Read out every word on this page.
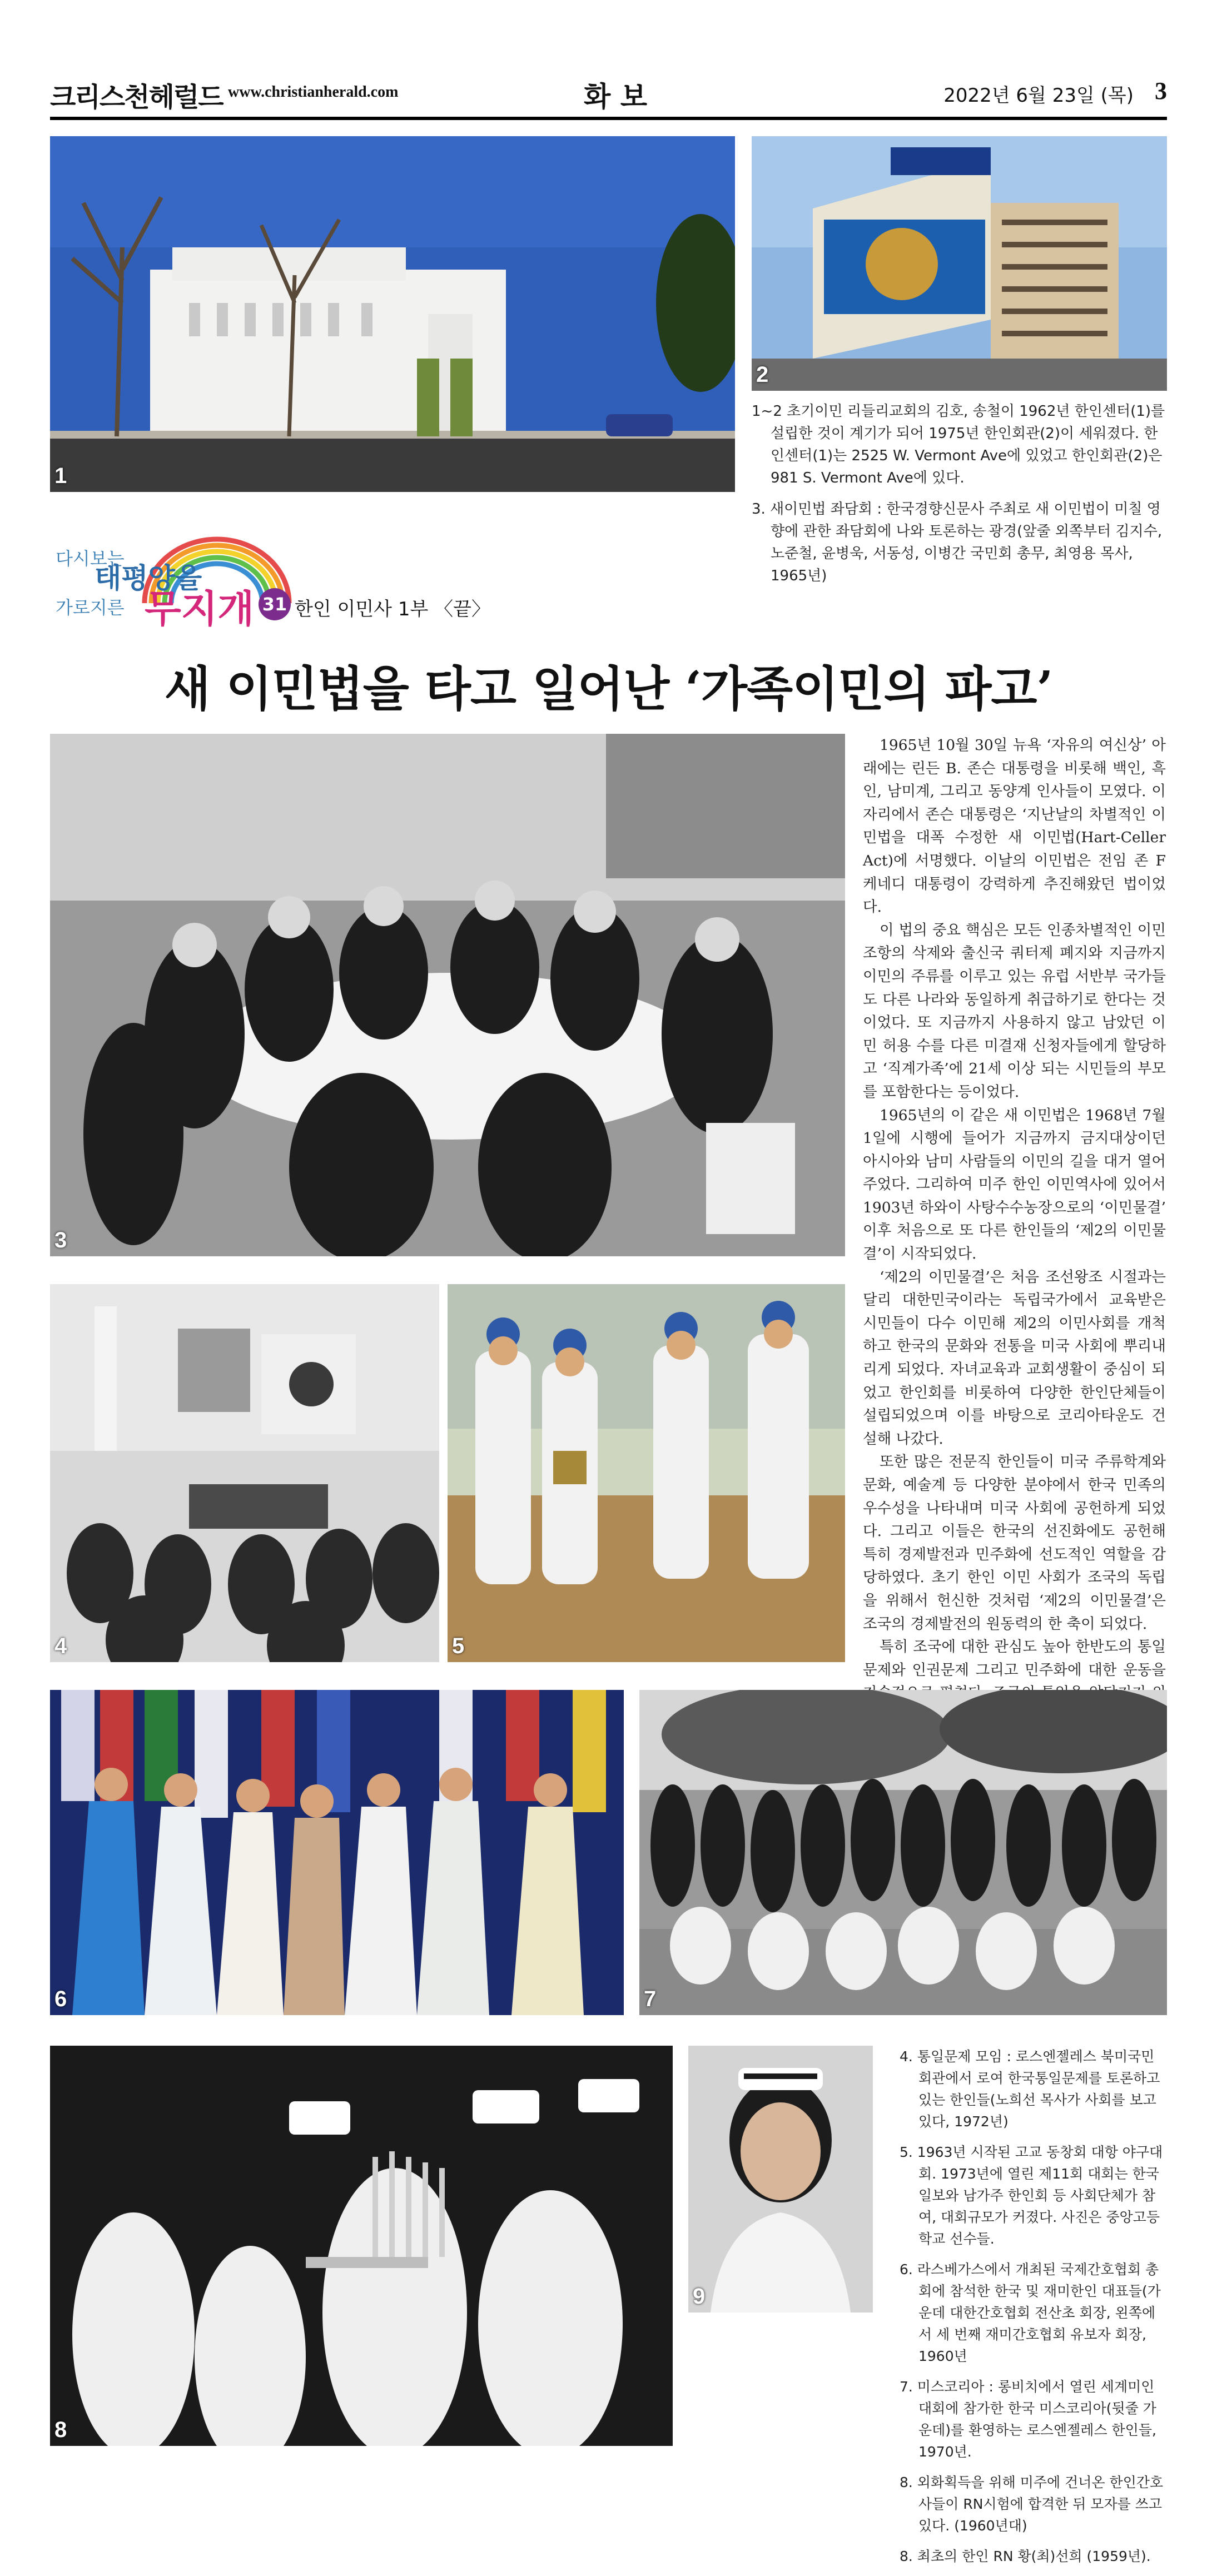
크리스천헤럴드 www.christianherald.com	화 보	2022년 6월 23일 (목) 3
1
2

1~2 초기이민 리들리교회의 김호, 송철이 1962년 한인센터(1)를 설립한 것이 계기가 되어 1975년 한인회관(2)이 세워졌다. 한인센터(1)는 2525 W. Vermont Ave에 있었고 한인회관(2)은 981 S. Vermont Ave에 있다.

3. 새이민법 좌담회 : 한국경향신문사 주최로 새 이민법이 미칠 영향에 관한 좌담회에 나와 토론하는 광경(앞줄 외쪽부터 김지수, 노준철, 윤병욱, 서동성, 이병간 국민회 총무, 최영용 목사, 1965년)

다시보는
태평양을
가로지른 무지개 31 한인 이민사 1부 〈끝〉
새 이민법을 타고 일어난 ‘가족이민의 파고’
3
4	5

1965년 10월 30일 뉴욕 ‘자유의 여신상’ 아래에는 린든 B. 존슨 대통령을 비롯해 백인, 흑인, 남미계, 그리고 동양계 인사들이 모였다. 이 자리에서 존슨 대통령은 ‘지난날의 차별적인 이민법을 대폭 수정한 새 이민법(Hart-Celler Act)에 서명했다. 이날의 이민법은 전임 존 F 케네디 대통령이 강력하게 추진해왔던 법이었다.

이 법의 중요 핵심은 모든 인종차별적인 이민조항의 삭제와 출신국 쿼터제 폐지와 지금까지 이민의 주류를 이루고 있는 유럽 서반부 국가들도 다른 나라와 동일하게 취급하기로 한다는 것이었다. 또 지금까지 사용하지 않고 남았던 이민 허용 수를 다른 미결재 신청자들에게 할당하고 ‘직계가족’에 21세 이상 되는 시민들의 부모를 포함한다는 등이었다.

1965년의 이 같은 새 이민법은 1968년 7월 1일에 시행에 들어가 지금까지 금지대상이던 아시아와 남미 사람들의 이민의 길을 대거 열어 주었다. 그리하여 미주 한인 이민역사에 있어서 1903년 하와이 사탕수수농장으로의 ‘이민물결’ 이후 처음으로 또 다른 한인들의 ‘제2의 이민물결’이 시작되었다.

‘제2의 이민물결’은 처음 조선왕조 시절과는 달리 대한민국이라는 독립국가에서 교육받은 시민들이 다수 이민해 제2의 이민사회를 개척하고 한국의 문화와 전통을 미국 사회에 뿌리내리게 되었다. 자녀교육과 교회생활이 중심이 되었고 한인회를 비롯하여 다양한 한인단체들이 설립되었으며 이를 바탕으로 코리아타운도 건설해 나갔다.

또한 많은 전문직 한인들이 미국 주류학계와 문화, 예술계 등 다양한 분야에서 한국 민족의 우수성을 나타내며 미국 사회에 공헌하게 되었다. 그리고 이들은 한국의 선진화에도 공헌해 특히 경제발전과 민주화에 선도적인 역할을 감당하였다. 초기 한인 이민 사회가 조국의 독립을 위해서 헌신한 것처럼 ‘제2의 이민물결’은 조국의 경제발전의 원동력의 한 축이 되었다.

특히 조국에 대한 관심도 높아 한반도의 통일문제와 인권문제 그리고 민주화에 대한 운동을

6	7
8
9

4. 통일문제 모임 : 로스엔젤레스 북미국민회관에서 로여 한국통일문제를 토론하고 있는 한인들(노희선 목사가 사회를 보고 있다, 1972년)

5. 1963년 시작된 고교 동창회 대항 야구대회. 1973년에 열린 제11회 대회는 한국일보와 남가주 한인회 등 사회단체가 참여, 대회규모가 커졌다. 사진은 중앙고등학교 선수들.

6. 라스베가스에서 개최된 국제간호협회 총회에 참석한 한국 및 재미한인 대표들(가운데 대한간호협회 전산초 회장, 왼쪽에서 세 번째 재미간호협회 유보자 회장, 1960년

7. 미스코리아 : 롱비치에서 열린 세계미인대회에 참가한 한국 미스코리아(뒷줄 가운데)를 환영하는 로스엔젤레스 한인들, 1970년.

8. 외화획득을 위해 미주에 건너온 한인간호사들이 RN시험에 합격한 뒤 모자를 쓰고 있다. (1960년대)

8. 최초의 한인 RN 황(최)선희 (1959년).
